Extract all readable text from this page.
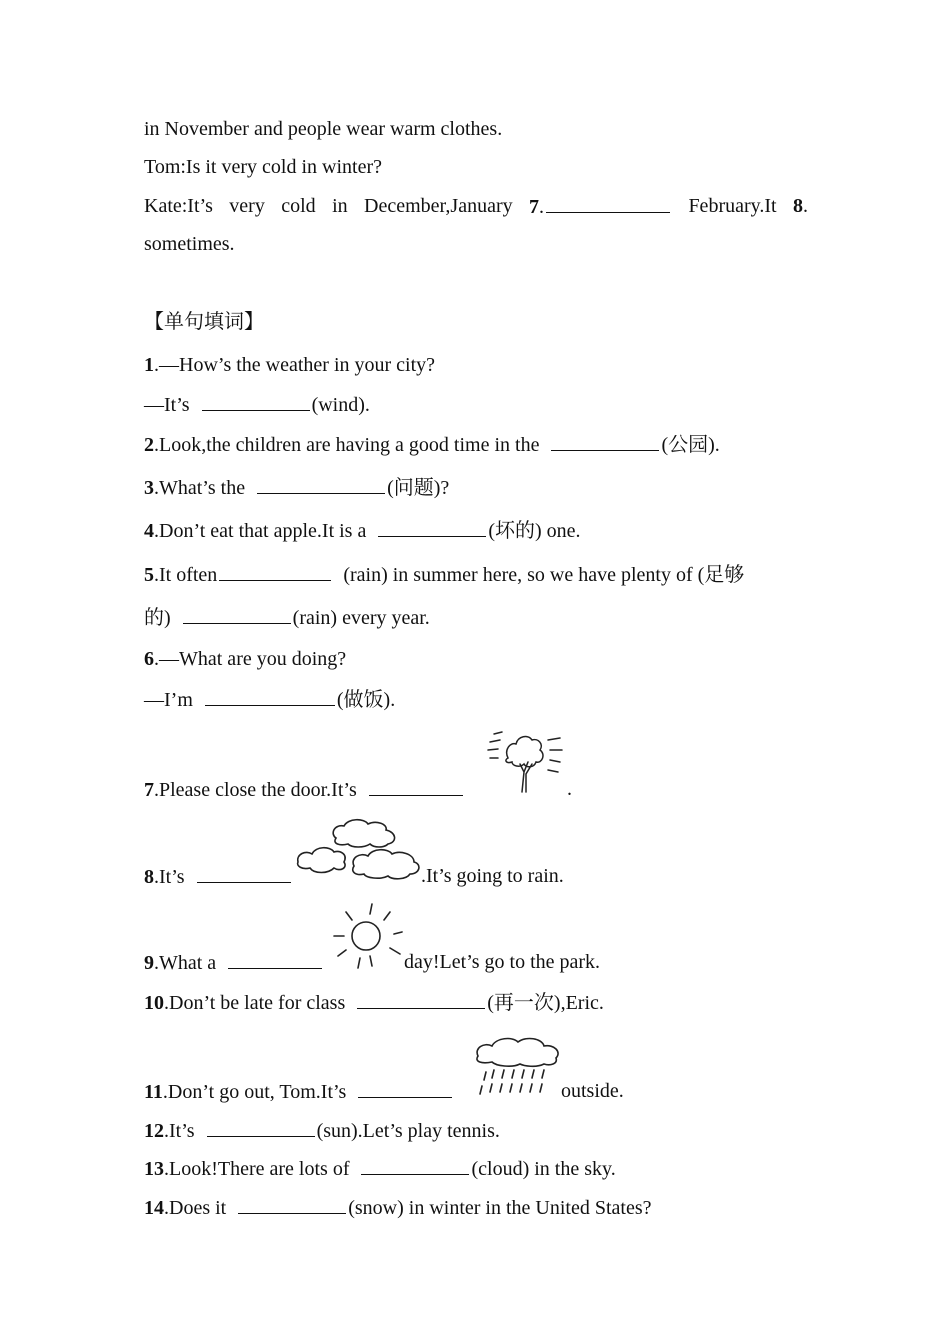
in November and people wear warm clothes.
Tom:Is it very cold in winter?
Kate:It’s very cold in December,January 7.	February.It 8.
sometimes.
【单句填词】
1.—How’s the weather in your city?
—It’s	(wind).
2.Look,the children are having a good time in the	(公园).
3.What’s the	(问题)?
4.Don’t eat that apple.It is a	(坏的) one.
5.It often	(rain) in summer here, so we have plenty of (足够
的)	(rain) every year.
6.—What are you doing?
—I’m	(做饭).
7.Please close the door.It’s	.
8.It’s	.It’s going to rain.
9.What a	day!Let’s go to the park.
10.Don’t be late for class	(再一次),Eric.
11.Don’t go out, Tom.It’s	outside.
12.It’s	(sun).Let’s play tennis.
13.Look!There are lots of	(cloud) in the sky.
14.Does it	(snow) in winter in the United States?
